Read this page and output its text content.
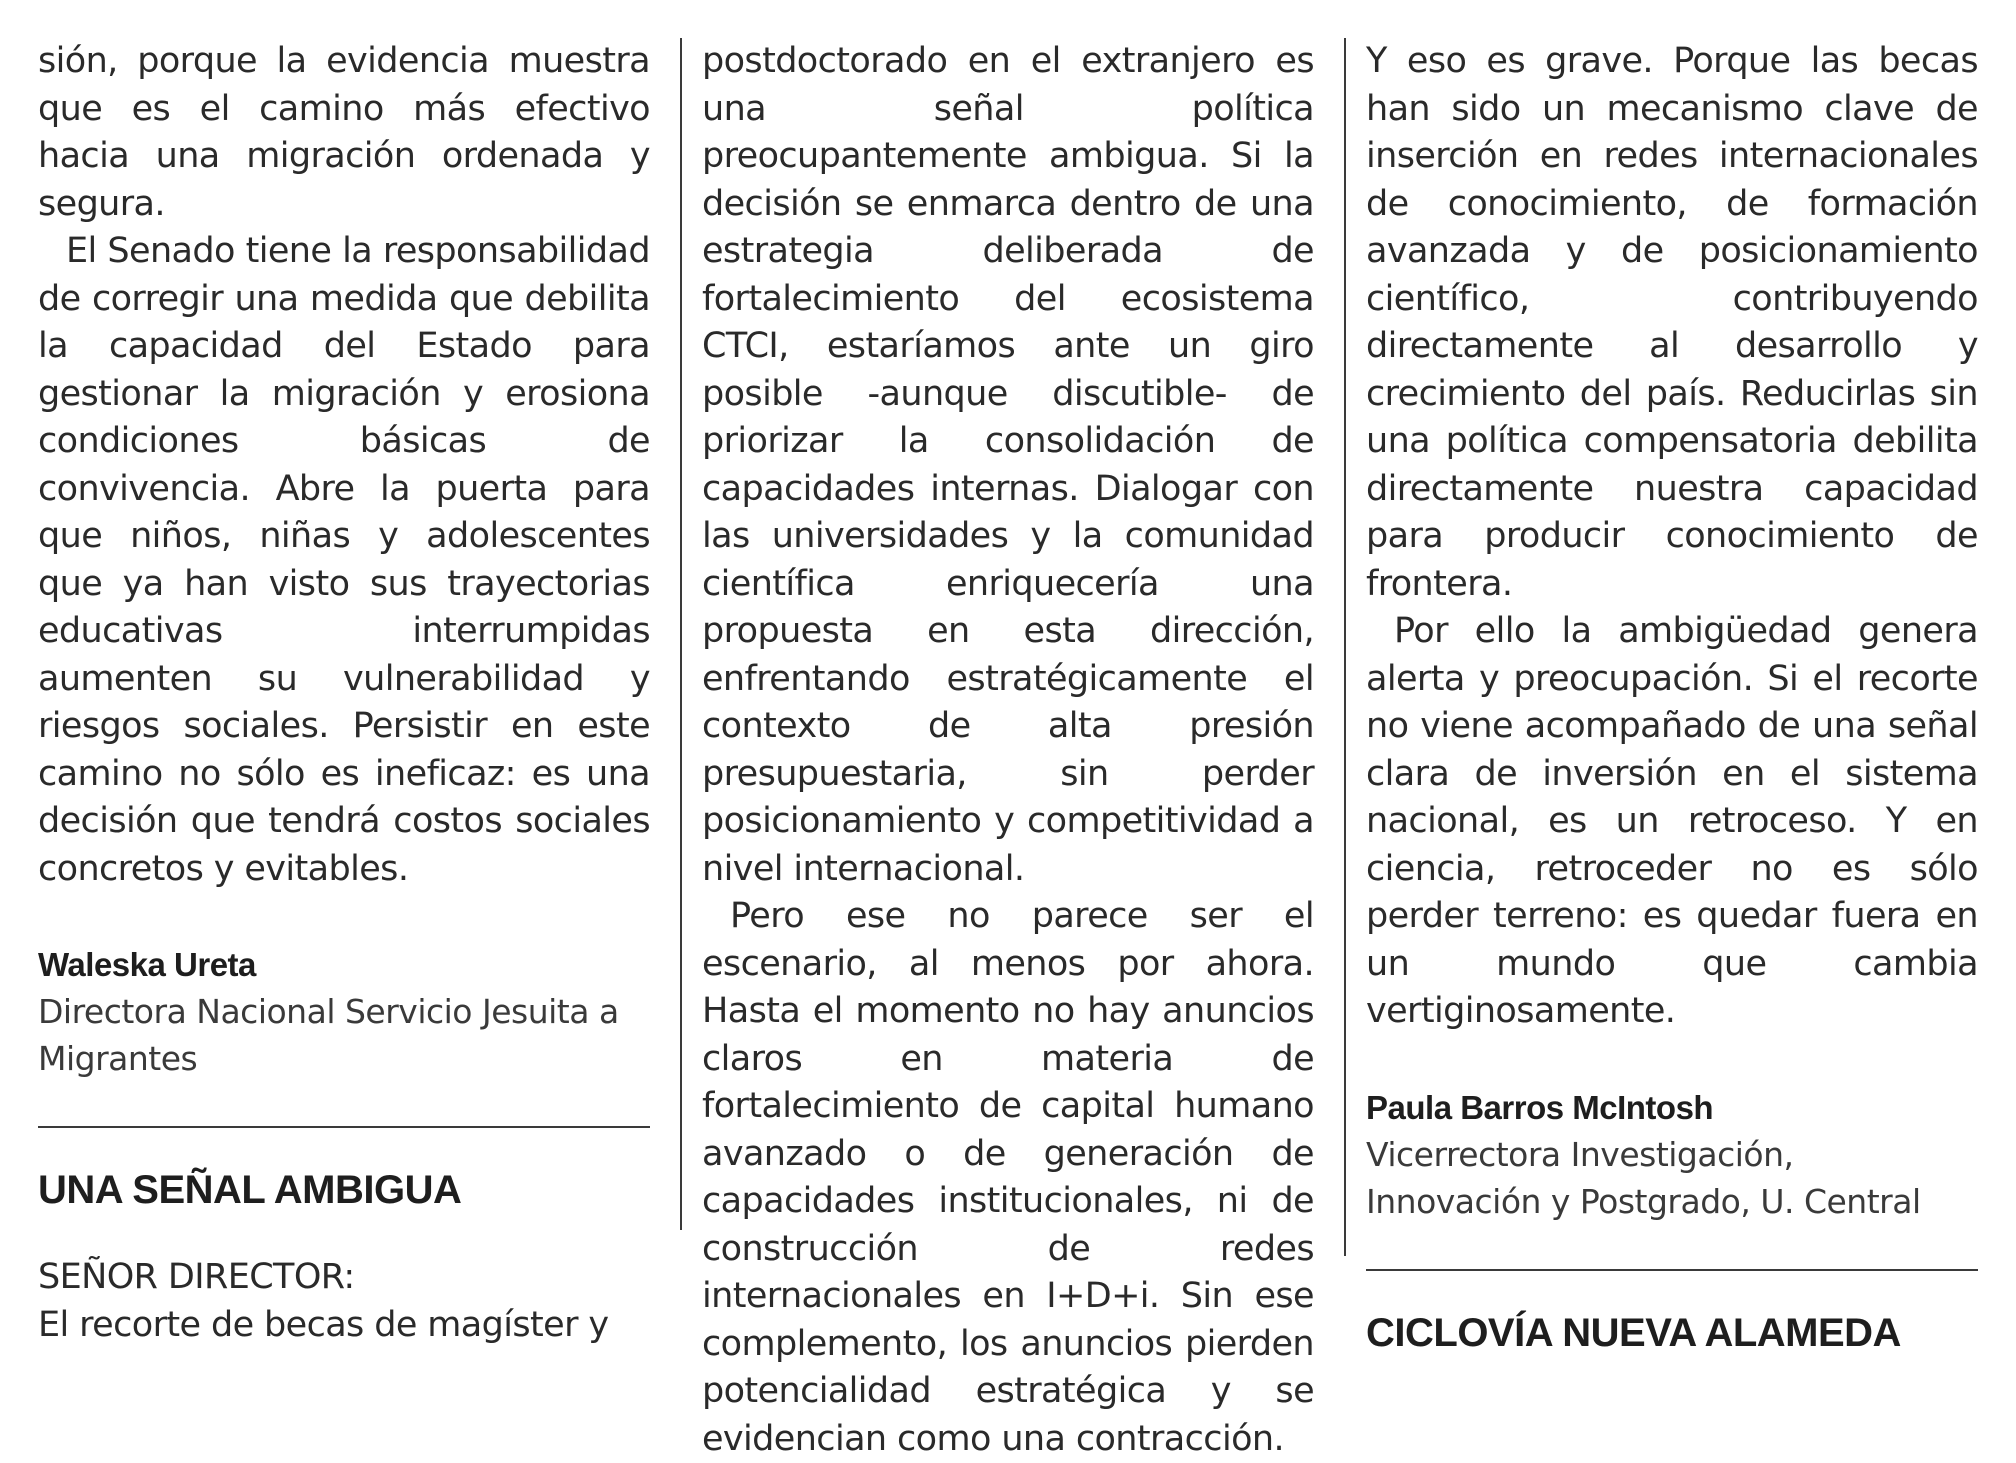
sión, porque la evidencia muestra que es el camino más efectivo hacia una migración ordenada y segura.

El Senado tiene la responsabilidad de corregir una medida que debilita la capacidad del Estado para gestionar la migración y erosiona condiciones básicas de convivencia. Abre la puerta para que niños, niñas y adolescentes que ya han visto sus trayectorias educativas interrumpidas aumenten su vulnerabilidad y riesgos sociales. Persistir en este camino no sólo es ineficaz: es una decisión que tendrá costos sociales concretos y evitables.

Waleska Ureta
Directora Nacional Servicio Jesuita a Migrantes
UNA SEÑAL AMBIGUA
SEÑOR DIRECTOR:

El recorte de becas de magíster y

postdoctorado en el extranjero es una señal política preocupantemente ambigua. Si la decisión se enmarca dentro de una estrategia deliberada de fortalecimiento del ecosistema CTCI, estaríamos ante un giro posible -aunque discutible- de priorizar la consolidación de capacidades internas. Dialogar con las universidades y la comunidad científica enriquecería una propuesta en esta dirección, enfrentando estratégicamente el contexto de alta presión presupuestaria, sin perder posicionamiento y competitividad a nivel internacional.

Pero ese no parece ser el escenario, al menos por ahora. Hasta el momento no hay anuncios claros en materia de fortalecimiento de capital humano avanzado o de generación de capacidades institucionales, ni de construcción de redes internacionales en I+D+i. Sin ese complemento, los anuncios pierden potencialidad estratégica y se evidencian como una contracción.

Y eso es grave. Porque las becas han sido un mecanismo clave de inserción en redes internacionales de conocimiento, de formación avanzada y de posicionamiento científico, contribuyendo directamente al desarrollo y crecimiento del país. Reducirlas sin una política compensatoria debilita directamente nuestra capacidad para producir conocimiento de frontera.

Por ello la ambigüedad genera alerta y preocupación. Si el recorte no viene acompañado de una señal clara de inversión en el sistema nacional, es un retroceso. Y en ciencia, retroceder no es sólo perder terreno: es quedar fuera en un mundo que cambia vertiginosamente.

Paula Barros McIntosh
Vicerrectora Investigación, Innovación y Postgrado, U. Central
CICLOVÍA NUEVA ALAMEDA
